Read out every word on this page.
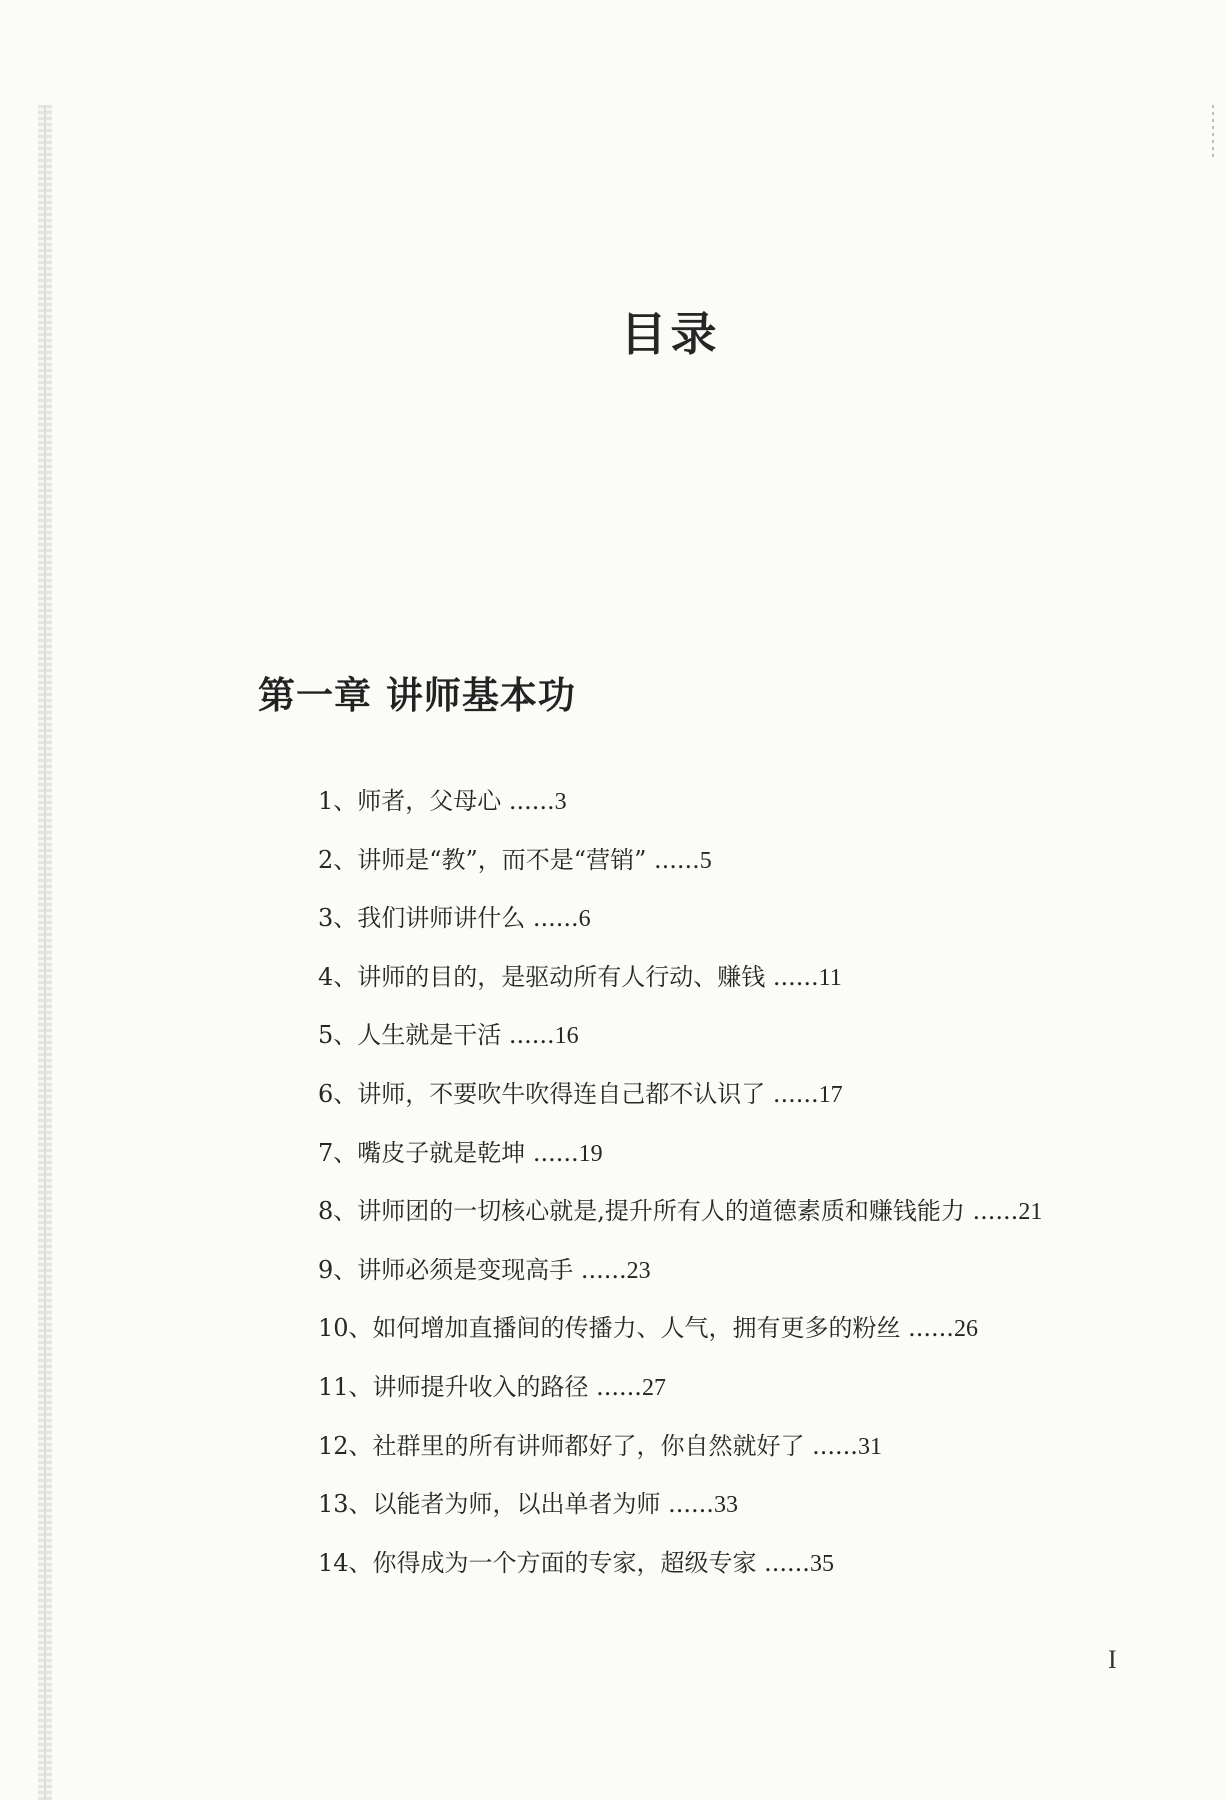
目录
第一章 讲师基本功
1、师者，父母心 ......3
2、讲师是“教”，而不是“营销” ......5
3、我们讲师讲什么 ......6
4、讲师的目的，是驱动所有人行动、赚钱 ......11
5、人生就是干活 ......16
6、讲师，不要吹牛吹得连自己都不认识了 ......17
7、嘴皮子就是乾坤 ......19
8、讲师团的一切核心就是,提升所有人的道德素质和赚钱能力 ......21
9、讲师必须是变现高手 ......23
10、如何增加直播间的传播力、人气，拥有更多的粉丝 ......26
11、讲师提升收入的路径 ......27
12、社群里的所有讲师都好了，你自然就好了 ......31
13、以能者为师，以出单者为师 ......33
14、你得成为一个方面的专家，超级专家 ......35
I
